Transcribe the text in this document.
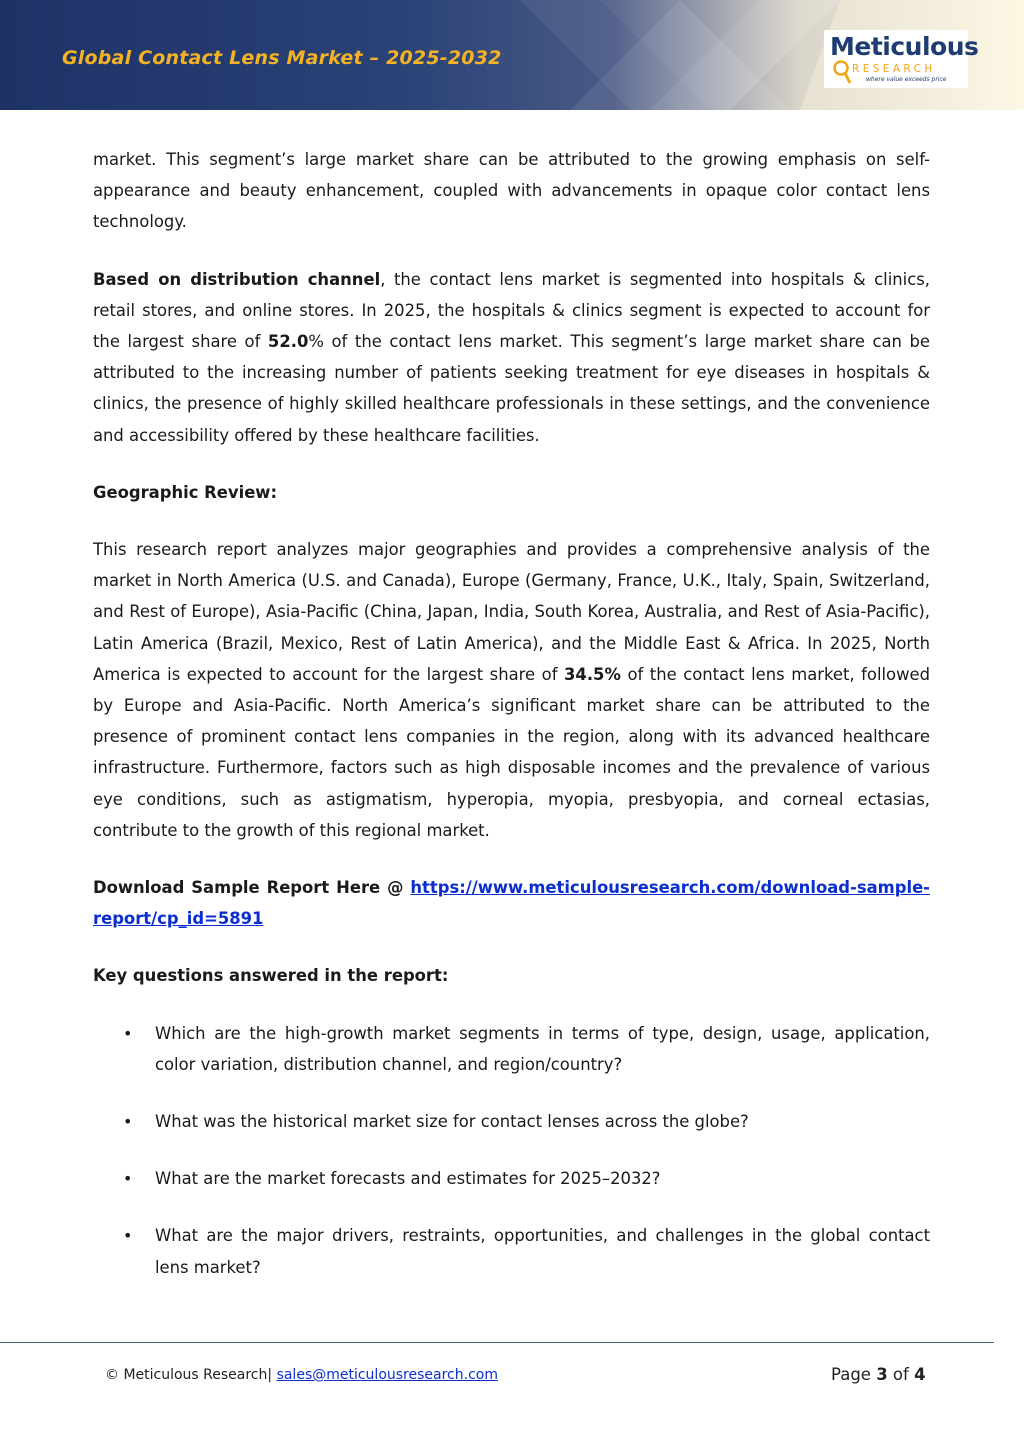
Global Contact Lens Market – 2025-2032	Meticulous
RESEARCH
where value exceeds price

market. This segment’s large market share can be attributed to the growing emphasis on self-appearance and beauty enhancement, coupled with advancements in opaque color contact lens technology.

Based on distribution channel, the contact lens market is segmented into hospitals & clinics, retail stores, and online stores. In 2025, the hospitals & clinics segment is expected to account for the largest share of 52.0% of the contact lens market. This segment’s large market share can be attributed to the increasing number of patients seeking treatment for eye diseases in hospitals & clinics, the presence of highly skilled healthcare professionals in these settings, and the convenience and accessibility offered by these healthcare facilities.

Geographic Review:

This research report analyzes major geographies and provides a comprehensive analysis of the market in North America (U.S. and Canada), Europe (Germany, France, U.K., Italy, Spain, Switzerland, and Rest of Europe), Asia-Pacific (China, Japan, India, South Korea, Australia, and Rest of Asia-Pacific), Latin America (Brazil, Mexico, Rest of Latin America), and the Middle East & Africa. In 2025, North America is expected to account for the largest share of 34.5% of the contact lens market, followed by Europe and Asia-Pacific. North America’s significant market share can be attributed to the presence of prominent contact lens companies in the region, along with its advanced healthcare infrastructure. Furthermore, factors such as high disposable incomes and the prevalence of various eye conditions, such as astigmatism, hyperopia, myopia, presbyopia, and corneal ectasias, contribute to the growth of this regional market.

Download Sample Report Here @ https://www.meticulousresearch.com/download-sample-report/cp_id=5891

Key questions answered in the report:

• Which are the high-growth market segments in terms of type, design, usage, application, color variation, distribution channel, and region/country?
• What was the historical market size for contact lenses across the globe?
• What are the market forecasts and estimates for 2025–2032?
• What are the major drivers, restraints, opportunities, and challenges in the global contact lens market?
© Meticulous Research| sales@meticulousresearch.com	Page 3 of 4
